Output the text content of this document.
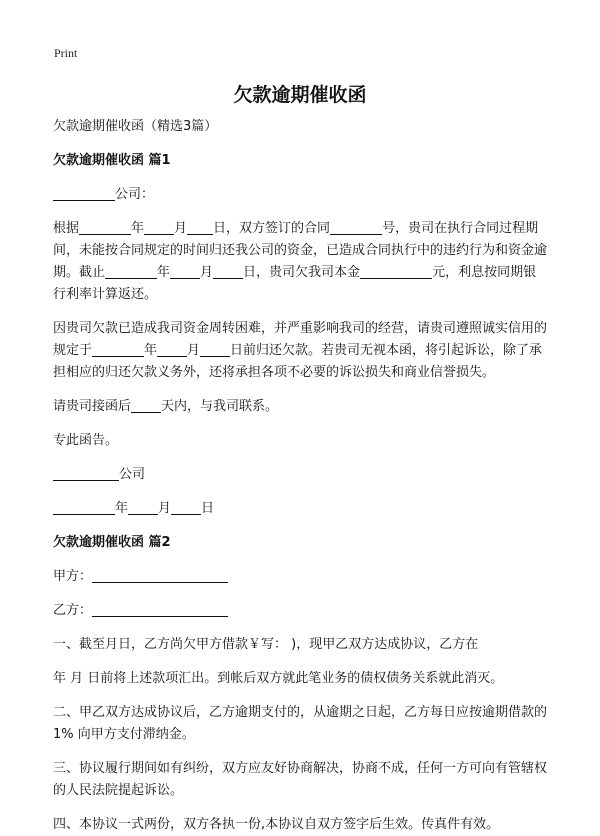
Print
欠款逾期催收函

欠款逾期催收函（精选3篇）

欠款逾期催收函 篇1

公司：

根据	年 月 日，双方签订的合同	号，贵司在执行合同过程期间，未能按合同规定的时间归还我公司的资金，已造成合同执行中的违约行为和资金逾期。截止	年 月 日，贵司欠我司本金	元，利息按同期银行利率计算返还。

因贵司欠款已造成我司资金周转困难，并严重影响我司的经营，请贵司遵照诚实信用的规定于	年 月 日前归还欠款。若贵司无视本函，将引起诉讼，除了承担相应的归还欠款义务外，还将承担各项不必要的诉讼损失和商业信誉损失。

请贵司接函后 天内，与我司联系。

专此函告。

公司

年 月 日

欠款逾期催收函 篇2

甲方：

乙方：

一、截至月日，乙方尚欠甲方借款￥写： )，现甲乙双方达成协议，乙方在

年 月 日前将上述款项汇出。到帐后双方就此笔业务的债权债务关系就此消灭。

二、甲乙双方达成协议后，乙方逾期支付的，从逾期之日起，乙方每日应按逾期借款的 1% 向甲方支付滞纳金。

三、协议履行期间如有纠纷，双方应友好协商解决，协商不成，任何一方可向有管辖权的人民法院提起诉讼。

四、本协议一式两份，双方各执一份,本协议自双方签字后生效。传真件有效。
